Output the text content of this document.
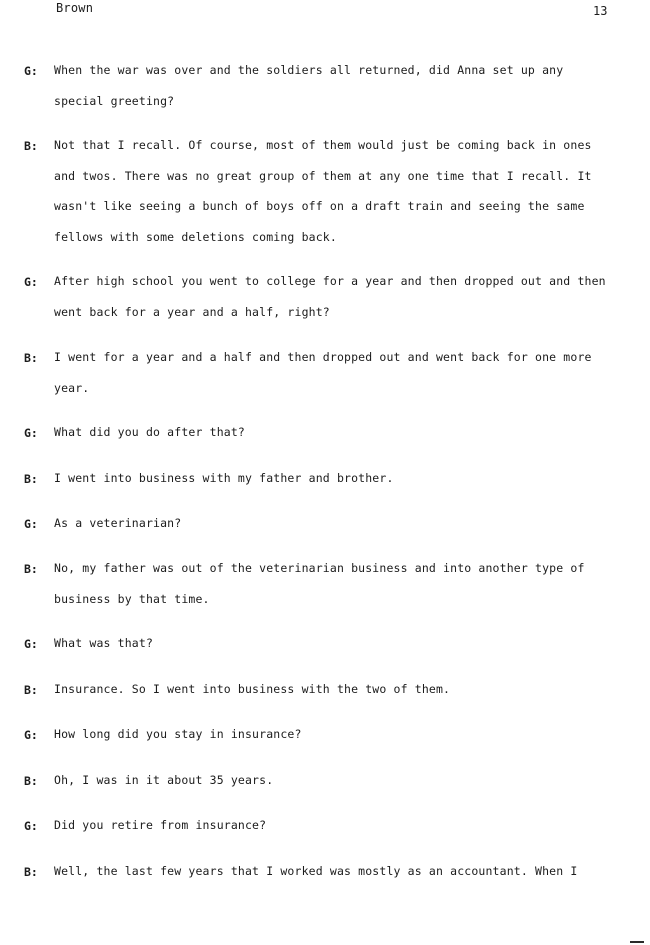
Brown	13
G: When the war was over and the soldiers all returned, did Anna set up any special greeting?
B: Not that I recall. Of course, most of them would just be coming back in ones and twos. There was no great group of them at any one time that I recall. It wasn't like seeing a bunch of boys off on a draft train and seeing the same fellows with some deletions coming back.
G: After high school you went to college for a year and then dropped out and then went back for a year and a half, right?
B: I went for a year and a half and then dropped out and went back for one more year.
G: What did you do after that?
B: I went into business with my father and brother.
G: As a veterinarian?
B: No, my father was out of the veterinarian business and into another type of business by that time.
G: What was that?
B: Insurance. So I went into business with the two of them.
G: How long did you stay in insurance?
B: Oh, I was in it about 35 years.
G: Did you retire from insurance?
B: Well, the last few years that I worked was mostly as an accountant. When I
